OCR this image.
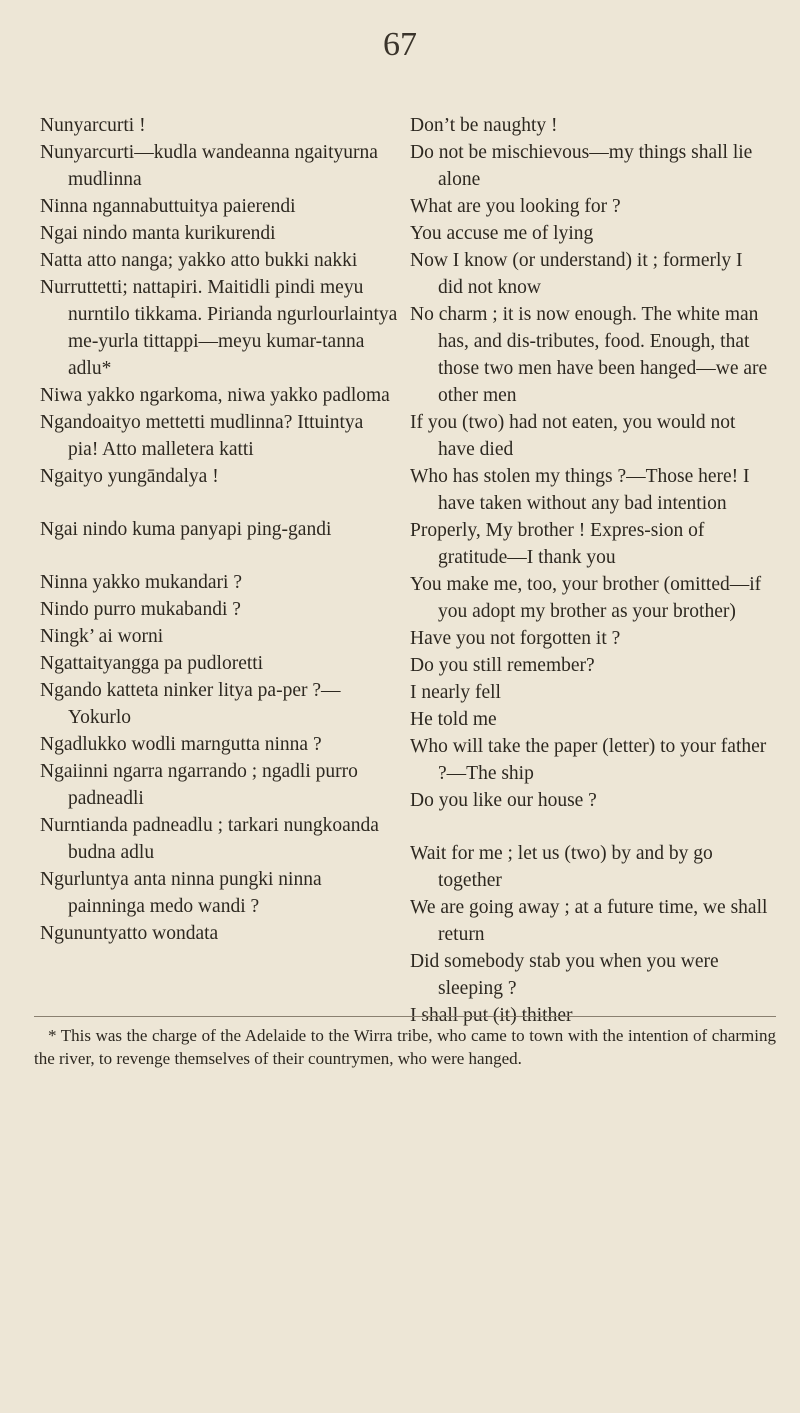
67

Nunyarcurti !

Nunyarcurti—kudla wandeanna ngaityurna mudlinna

Ninna ngannabuttuitya paierendi

Ngai nindo manta kurikurendi

Natta atto nanga; yakko atto bukki nakki

Nurruttetti; nattapiri. Maitidli pindi meyu nurntilo tikkama. Pirianda ngurlourlaintya me-yurla tittappi—meyu kumar-tanna adlu*

Niwa yakko ngarkoma, niwa yakko padloma

Ngandoaityo mettetti mudlinna? Ittuintya pia! Atto malletera katti

Ngaityo yungāndalya !

Ngai nindo kuma panyapi ping-gandi

Ninna yakko mukandari ?

Nindo purro mukabandi ?

Ningk’ ai worni

Ngattaityangga pa pudloretti

Ngando katteta ninker litya pa-per ?—Yokurlo

Ngadlukko wodli marngutta ninna ?

Ngaiinni ngarra ngarrando ; ngadli purro padneadli

Nurntianda padneadlu ; tarkari nungkoanda budna adlu

Ngurluntya anta ninna pungki ninna painninga medo wandi ?

Ngununtyatto wondata

Don’t be naughty !

Do not be mischievous—my things shall lie alone

What are you looking for ?

You accuse me of lying

Now I know (or understand) it ; formerly I did not know

No charm ; it is now enough. The white man has, and dis-tributes, food. Enough, that those two men have been hanged—we are other men

If you (two) had not eaten, you would not have died

Who has stolen my things ?—Those here! I have taken without any bad intention

Properly, My brother ! Expres-sion of gratitude—I thank you

You make me, too, your brother (omitted—if you adopt my brother as your brother)

Have you not forgotten it ?

Do you still remember?

I nearly fell

He told me

Who will take the paper (letter) to your father ?—The ship

Do you like our house ?

Wait for me ; let us (two) by and by go together

We are going away ; at a future time, we shall return

Did somebody stab you when you were sleeping ?

I shall put (it) thither

* This was the charge of the Adelaide to the Wirra tribe, who came to town with the intention of charming the river, to revenge themselves of their countrymen, who were hanged.
